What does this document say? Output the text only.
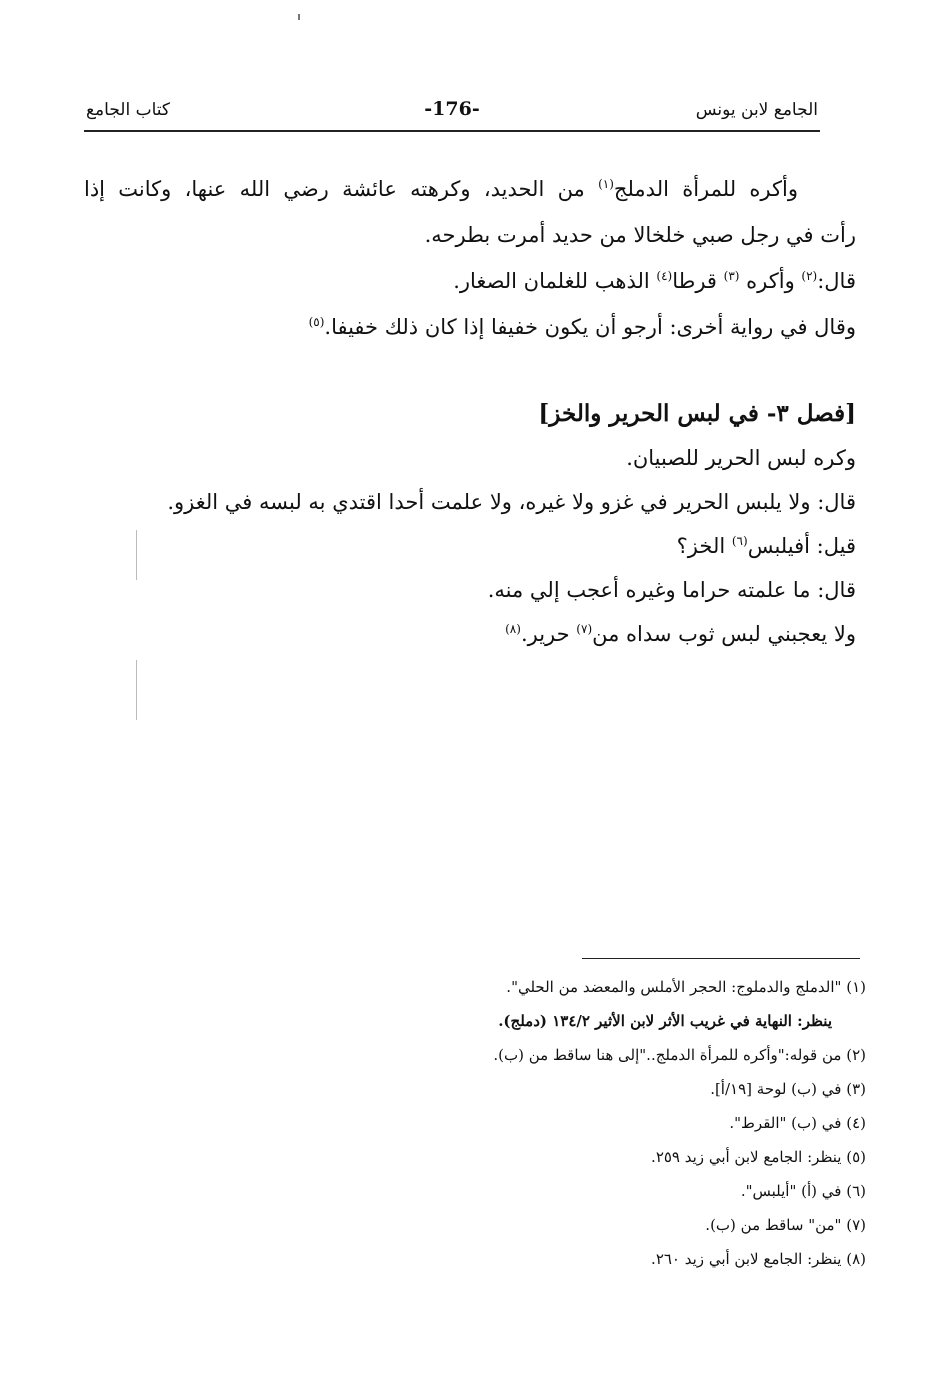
الجامع لابن يونس
-176-
كتاب الجامع
وأكره للمرأة الدملج$^{(١)}$ من الحديد، وكرهته عائشة رضي الله عنها، وكانت إذا
رأت في رجل صبي خلخالا من حديد أمرت بطرحه.
قال:$^{(٢)}$ وأكره $^{(٣)}$ قرطا$^{(٤)}$ الذهب للغلمان الصغار.
وقال في رواية أخرى: أرجو أن يكون خفيفا إذا كان ذلك خفيفا.$^{(٥)}$
[فصل ٣- في لبس الحرير والخز]
وكره لبس الحرير للصبيان.
قال: ولا يلبس الحرير في غزو ولا غيره، ولا علمت أحدا اقتدي به لبسه في الغزو.
قيل: أفيلبس$^{(٦)}$ الخز؟
قال: ما علمته حراما وغيره أعجب إلي منه.
ولا يعجبني لبس ثوب سداه من$^{(٧)}$ حرير.$^{(٨)}$
(١) "الدملج والدملوج: الحجر الأملس والمعضد من الحلي".
ينظر: النهاية في غريب الأثر لابن الأثير ١٣٤/٢ (دملج).
(٢) من قوله:"وأكره للمرأة الدملج.."إلى هنا ساقط من (ب).
(٣) في (ب) لوحة [١٩/أ].
(٤) في (ب) "القرط".
(٥) ينظر: الجامع لابن أبي زيد ٢٥٩.
(٦) في (أ) "أيلبس".
(٧) "من" ساقط من (ب).
(٨) ينظر: الجامع لابن أبي زيد ٢٦٠.
